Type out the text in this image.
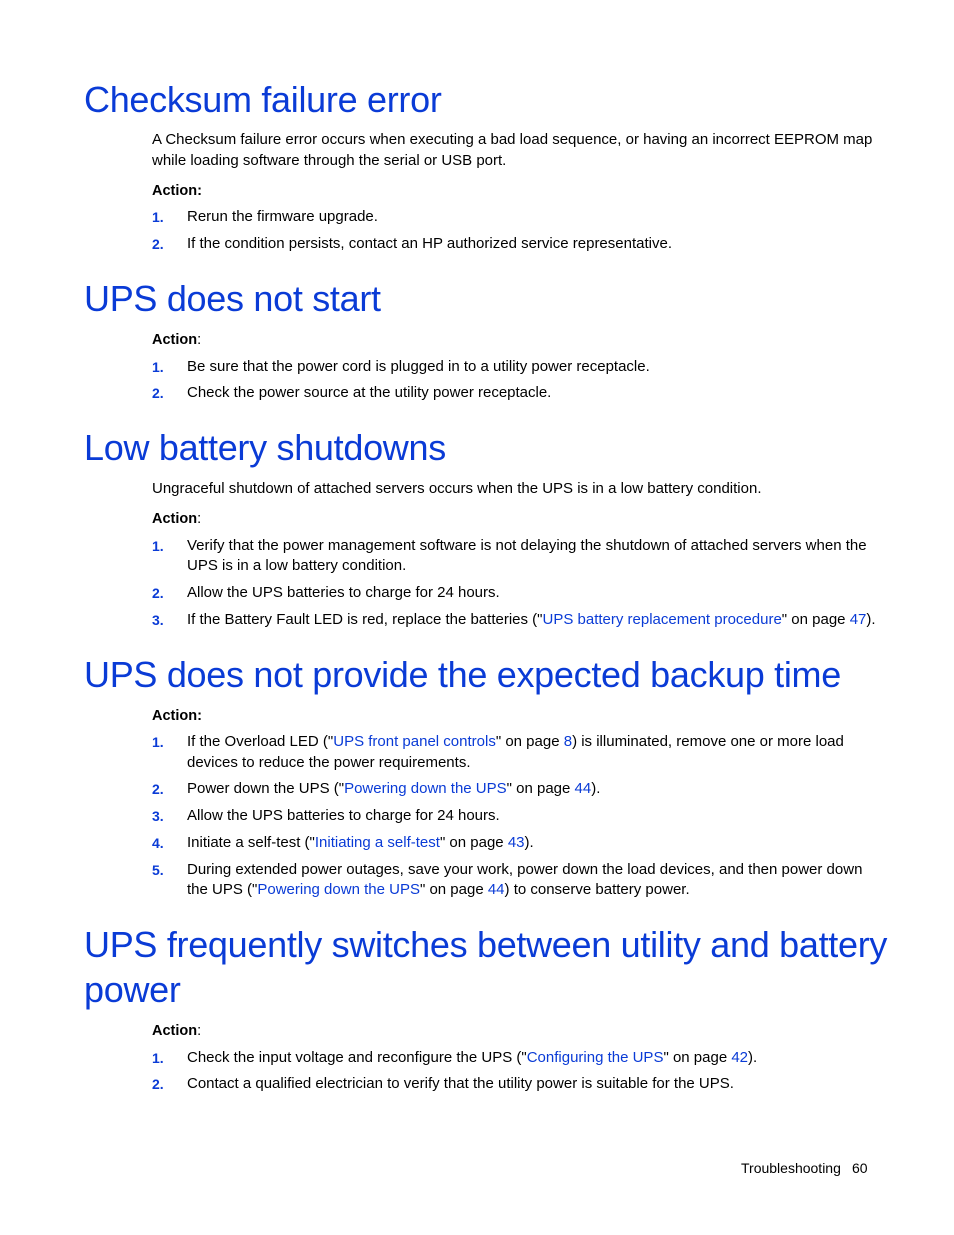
Checksum failure error

A Checksum failure error occurs when executing a bad load sequence, or having an incorrect EEPROM map

while loading software through the serial or USB port.

Action:

1. Rerun the firmware upgrade.
2. If the condition persists, contact an HP authorized service representative.
UPS does not start

Action:

1. Be sure that the power cord is plugged in to a utility power receptacle.
2. Check the power source at the utility power receptacle.
Low battery shutdowns

Ungraceful shutdown of attached servers occurs when the UPS is in a low battery condition.

Action:

1. Verify that the power management software is not delaying the shutdown of attached servers when the
UPS is in a low battery condition.
2. Allow the UPS batteries to charge for 24 hours.
3. If the Battery Fault LED is red, replace the batteries ("UPS battery replacement procedure" on page 47).
UPS does not provide the expected backup time

Action:

1. If the Overload LED ("UPS front panel controls" on page 8) is illuminated, remove one or more load
devices to reduce the power requirements.
2. Power down the UPS ("Powering down the UPS" on page 44).
3. Allow the UPS batteries to charge for 24 hours.
4. Initiate a self-test ("Initiating a self-test" on page 43).
5. During extended power outages, save your work, power down the load devices, and then power down
the UPS ("Powering down the UPS" on page 44) to conserve battery power.
UPS frequently switches between utility and battery
power

Action:

1. Check the input voltage and reconfigure the UPS ("Configuring the UPS" on page 42).
2. Contact a qualified electrician to verify that the utility power is suitable for the UPS.
Troubleshooting 60
